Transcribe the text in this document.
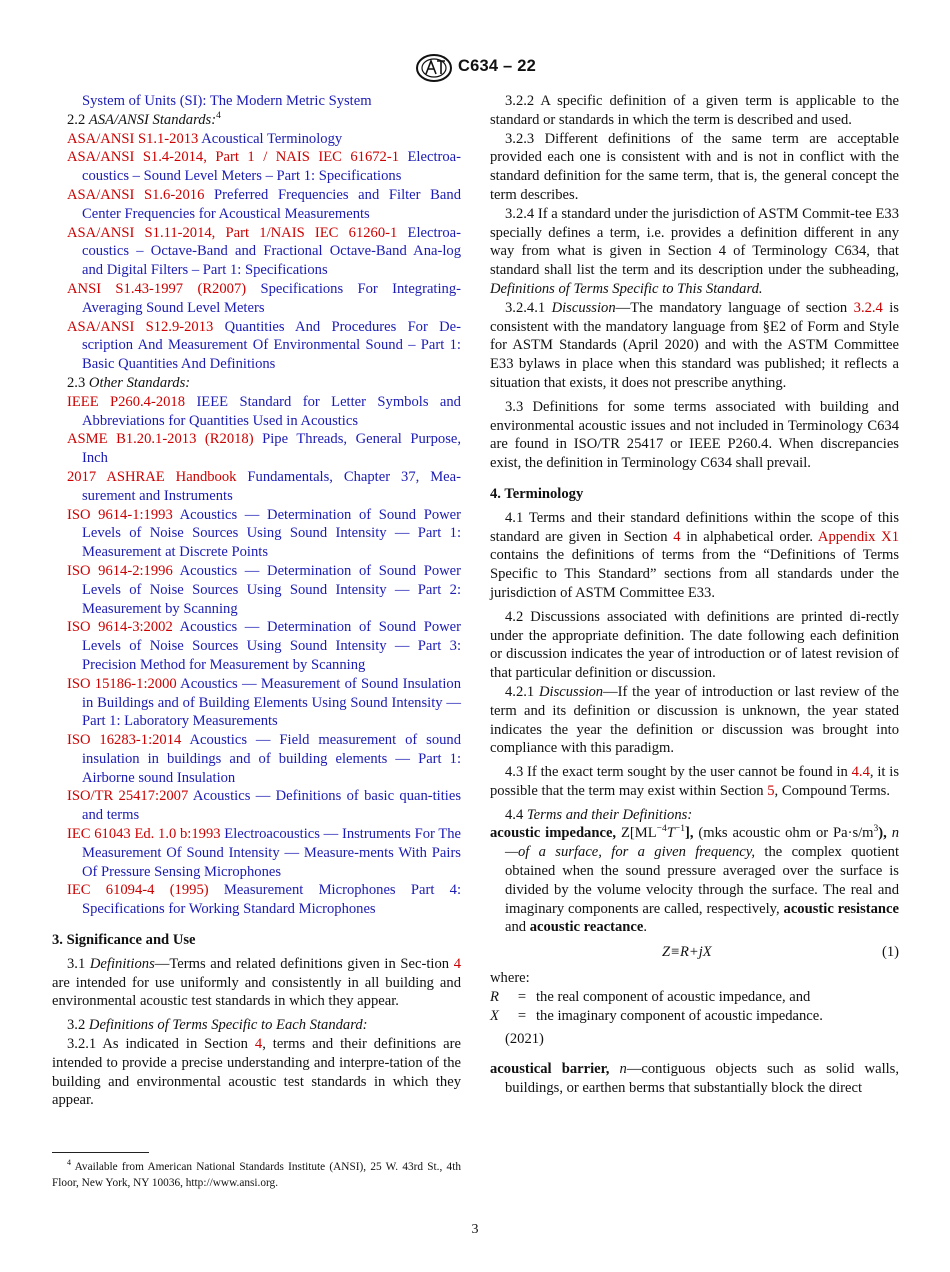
C634 – 22

System of Units (SI): The Modern Metric System

2.2 ASA/ANSI Standards:$^4$

ASA/ANSI S1.1-2013 Acoustical Terminology

ASA/ANSI S1.4-2014, Part 1 / NAIS IEC 61672-1 Electroa-coustics – Sound Level Meters – Part 1: Specifications

ASA/ANSI S1.6-2016 Preferred Frequencies and Filter Band Center Frequencies for Acoustical Measurements

ASA/ANSI S1.11-2014, Part 1/NAIS IEC 61260-1 Electroa-coustics – Octave-Band and Fractional Octave-Band Ana-log and Digital Filters – Part 1: Specifications

ANSI S1.43-1997 (R2007) Specifications For Integrating-Averaging Sound Level Meters

ASA/ANSI S12.9-2013 Quantities And Procedures For De-scription And Measurement Of Environmental Sound – Part 1: Basic Quantities And Definitions

2.3 Other Standards:

IEEE P260.4-2018 IEEE Standard for Letter Symbols and Abbreviations for Quantities Used in Acoustics

ASME B1.20.1-2013 (R2018) Pipe Threads, General Purpose, Inch

2017 ASHRAE Handbook Fundamentals, Chapter 37, Mea-surement and Instruments

ISO 9614-1:1993 Acoustics — Determination of Sound Power Levels of Noise Sources Using Sound Intensity — Part 1: Measurement at Discrete Points

ISO 9614-2:1996 Acoustics — Determination of Sound Power Levels of Noise Sources Using Sound Intensity — Part 2: Measurement by Scanning

ISO 9614-3:2002 Acoustics — Determination of Sound Power Levels of Noise Sources Using Sound Intensity — Part 3: Precision Method for Measurement by Scanning

ISO 15186-1:2000 Acoustics — Measurement of Sound Insulation in Buildings and of Building Elements Using Sound Intensity — Part 1: Laboratory Measurements

ISO 16283-1:2014 Acoustics — Field measurement of sound insulation in buildings and of building elements — Part 1: Airborne sound Insulation

ISO/TR 25417:2007 Acoustics — Definitions of basic quan-tities and terms

IEC 61043 Ed. 1.0 b:1993 Electroacoustics — Instruments For The Measurement Of Sound Intensity — Measure-ments With Pairs Of Pressure Sensing Microphones

IEC 61094-4 (1995) Measurement Microphones Part 4: Specifications for Working Standard Microphones

3. Significance and Use

3.1 Definitions—Terms and related definitions given in Sec-tion 4 are intended for use uniformly and consistently in all building and environmental acoustic test standards in which they appear.

3.2 Definitions of Terms Specific to Each Standard:

3.2.1 As indicated in Section 4, terms and their definitions are intended to provide a precise understanding and interpre-tation of the building and environmental acoustic test standards in which they appear.

$^4$ Available from American National Standards Institute (ANSI), 25 W. 43rd St., 4th Floor, New York, NY 10036, http://www.ansi.org.

3.2.2 A specific definition of a given term is applicable to the standard or standards in which the term is described and used.

3.2.3 Different definitions of the same term are acceptable provided each one is consistent with and is not in conflict with the standard definition for the same term, that is, the general concept the term describes.

3.2.4 If a standard under the jurisdiction of ASTM Commit-tee E33 specially defines a term, i.e. provides a definition different in any way from what is given in Section 4 of Terminology C634, that standard shall list the term and its description under the subheading, Definitions of Terms Specific to This Standard.

3.2.4.1 Discussion—The mandatory language of section 3.2.4 is consistent with the mandatory language from §E2 of Form and Style for ASTM Standards (April 2020) and with the ASTM Committee E33 bylaws in place when this standard was published; it reflects a situation that exists, it does not prescribe anything.

3.3 Definitions for some terms associated with building and environmental acoustic issues and not included in Terminology C634 are found in ISO/TR 25417 or IEEE P260.4. When discrepancies exist, the definition in Terminology C634 shall prevail.

4. Terminology

4.1 Terms and their standard definitions within the scope of this standard are given in Section 4 in alphabetical order. Appendix X1 contains the definitions of terms from the “Definitions of Terms Specific to This Standard” sections from all standards under the jurisdiction of ASTM Committee E33.

4.2 Discussions associated with definitions are printed di-rectly under the appropriate definition. The date following each definition or discussion indicates the year of introduction or of latest revision of that particular definition or discussion.

4.2.1 Discussion—If the year of introduction or last review of the term and its definition or discussion is unknown, the year stated indicates the year the definition or discussion was brought into compliance with this paradigm.

4.3 If the exact term sought by the user cannot be found in 4.4, it is possible that the term may exist within Section 5, Compound Terms.

4.4 Terms and their Definitions:

acoustic impedance, $Z[ML^{-4}T^{-1}]$, (mks acoustic ohm or $Pa\cdot s/m^3$), n—of a surface, for a given frequency, the complex quotient obtained when the sound pressure averaged over the surface is divided by the volume velocity through the surface. The real and imaginary components are called, respectively, acoustic resistance and acoustic reactance.

Z≡R+jX	(1)

where:

R	= the real component of acoustic impedance, and
X	= the imaginary component of acoustic impedance.

(2021)

acoustical barrier, n—contiguous objects such as solid walls, buildings, or earthen berms that substantially block the direct

3
